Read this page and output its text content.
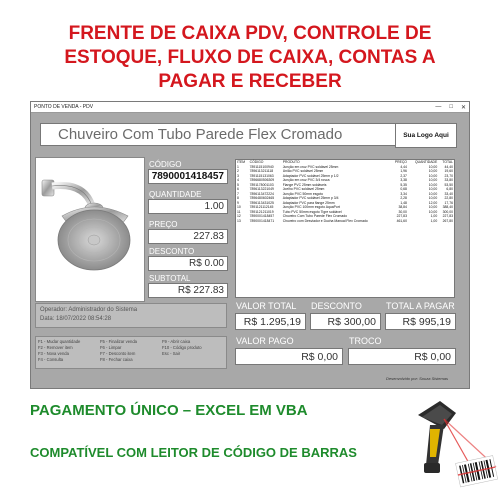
FRENTE DE CAIXA PDV, CONTROLE DE
ESTOQUE, FLUXO DE CAIXA, CONTAS A
PAGAR E RECEBER
PONTO DE VENDA - PDV	— □ ✕
Chuveiro Com Tubo Parede Flex Cromado	Sua Logo Aqui
CÓDIGO
7890001418457
QUANTIDADE
1.00
PREÇO
227.83
DESCONTO
R$ 0.00
SUBTOTAL
R$ 227.83
ITEM	CÓDIGO	PRODUTO	PREÇO	QUANTIDADE	TOTAL
1	7891115100940	Junção em cruz PVC soldável 25mm	4,44	10,00	44,40
2	7896113211118	União PVC soldável 25mm	1,96	10,00	19,60
3	7891115131063	Adaptador PVC soldável 25mm p 1/2	2,37	10,00	23,70
4	7896680506309	Junção em cruz PVC 3/4 rosca	3,38	10,00	33,80
5	7891178001103	Flange PVC 25mm soldáveis	5,35	10,00	53,50
6	7896113221049	Joelho PVC soldável 25mm	0,68	10,00	6,80
7	7896113472224	Junção PVC 50mm esgoto	3,34	10,00	33,40
8	7896480602465	Adaptador PVC soldável 25mm p 3/4	2,28	10,00	22,80
9	7896113431025	Adaptador PVC para flange 25mm	1,48	12,00	17,76
10	7891121112145	Junção PVC 100mm esgoto AquaPort	38,84	10,00	388,40
11	7891121211019	Tubo PVC 50mm esgoto Tigre soldável	30,00	10,00	300,00
12	7890001418457	Chuveiro Com Tubo Parede Flex Cromado	227,83	1,00	227,83
13	7890001418471	Chuveiro com Desviador e Ducha Manual Flex Cromado	461,60	1,00	267,80
Operador: Administrador do Sistema
Data: 18/07/2022 08:54:28
VALOR TOTAL
R$ 1.295,19
DESCONTO
R$ 300,00
TOTAL A PAGAR
R$ 995,19
VALOR PAGO
R$ 0,00
TROCO
R$ 0,00
F1 - Mudar quantidade
F2 - Remover item
F3 - Nova venda
F4 - Consulta
F5 - Finalizar venda
F6 - Limpar
F7 - Desconto item
F8 - Fechar caixa
F9 - Abrir caixa
F10 - Código produto
Esc - Sair
Desenvolvido por: Souza Sistemas
PAGAMENTO ÚNICO – EXCEL EM VBA
COMPATÍVEL COM LEITOR DE CÓDIGO DE BARRAS
